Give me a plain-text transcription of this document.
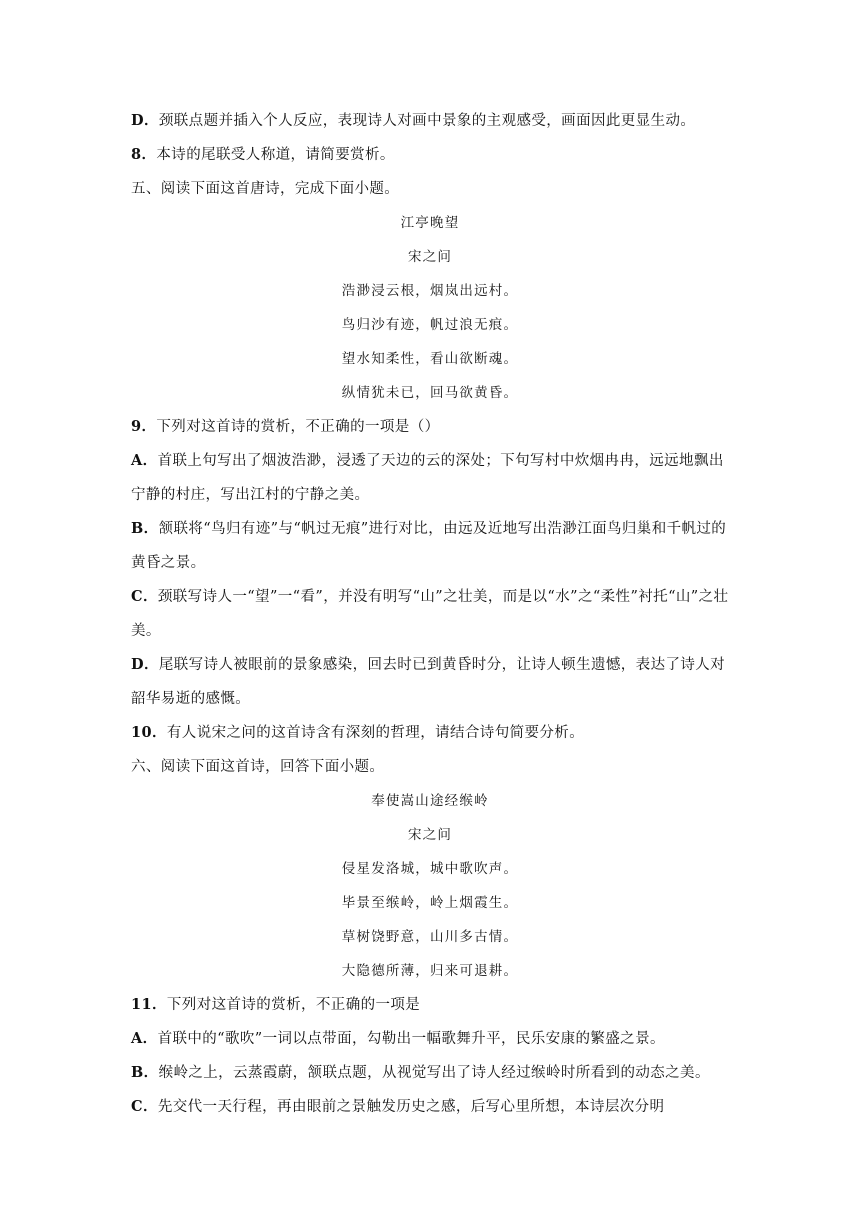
D．颈联点题并插入个人反应，表现诗人对画中景象的主观感受，画面因此更显生动。
8．本诗的尾联受人称道，请简要赏析。
五、阅读下面这首唐诗，完成下面小题。
江亭晚望
宋之问
浩渺浸云根，烟岚出远村。
鸟归沙有迹，帆过浪无痕。
望水知柔性，看山欲断魂。
纵情犹未已，回马欲黄昏。
9．下列对这首诗的赏析，不正确的一项是（）
A．首联上句写出了烟波浩渺，浸透了天边的云的深处；下句写村中炊烟冉冉，远远地飘出
宁静的村庄，写出江村的宁静之美。
B．颔联将“鸟归有迹”与“帆过无痕”进行对比，由远及近地写出浩渺江面鸟归巢和千帆过的
黄昏之景。
C．颈联写诗人一“望”一“看”，并没有明写“山”之壮美，而是以“水”之“柔性”衬托“山”之壮
美。
D．尾联写诗人被眼前的景象感染，回去时已到黄昏时分，让诗人顿生遗憾，表达了诗人对
韶华易逝的感慨。
10．有人说宋之问的这首诗含有深刻的哲理，请结合诗句简要分析。
六、阅读下面这首诗，回答下面小题。
奉使嵩山途经缑岭
宋之问
侵星发洛城，城中歌吹声。
毕景至缑岭，岭上烟霞生。
草树饶野意，山川多古情。
大隐德所薄，归来可退耕。
11．下列对这首诗的赏析，不正确的一项是
A．首联中的“歌吹”一词以点带面，勾勒出一幅歌舞升平，民乐安康的繁盛之景。
B．缑岭之上，云蒸霞蔚，颔联点题，从视觉写出了诗人经过缑岭时所看到的动态之美。
C．先交代一天行程，再由眼前之景触发历史之感，后写心里所想，本诗层次分明
